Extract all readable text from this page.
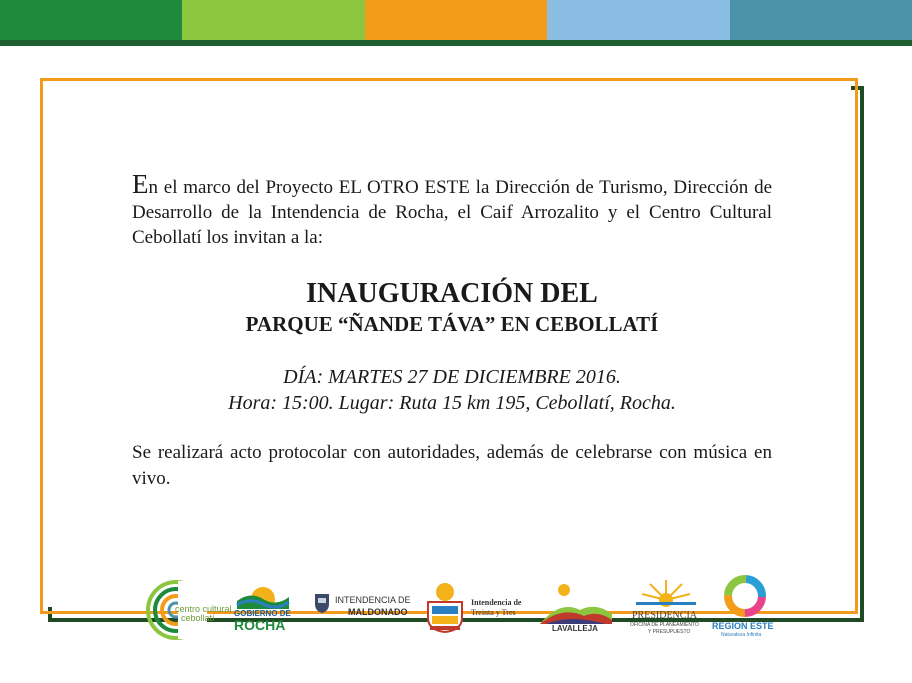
En el marco del Proyecto EL OTRO ESTE la Dirección de Turismo, Dirección de Desarrollo de la Intendencia de Rocha, el Caif Arrozalito y el Centro Cultural Cebollatí los invitan a la:

INAUGURACIÓN DEL
PARQUE “ÑANDE TÁVA” EN CEBOLLATÍ
DÍA: MARTES 27 DE DICIEMBRE 2016.
Hora: 15:00. Lugar: Ruta 15 km 195, Cebollatí, Rocha.

Se realizará acto protocolar con autoridades, además de celebrarse con música en vivo.

centro cultural
cebollatí GOBIERNO DE
ROCHA
INTENDENCIA DE
MALDONADO
Intendencia de
Treinta y Tres
LAVALLEJA
PRESIDENCIA
OFICINA DE PLANEAMIENTO
Y PRESUPUESTO
REGIÓN ESTE
Naturaleza Infinita
